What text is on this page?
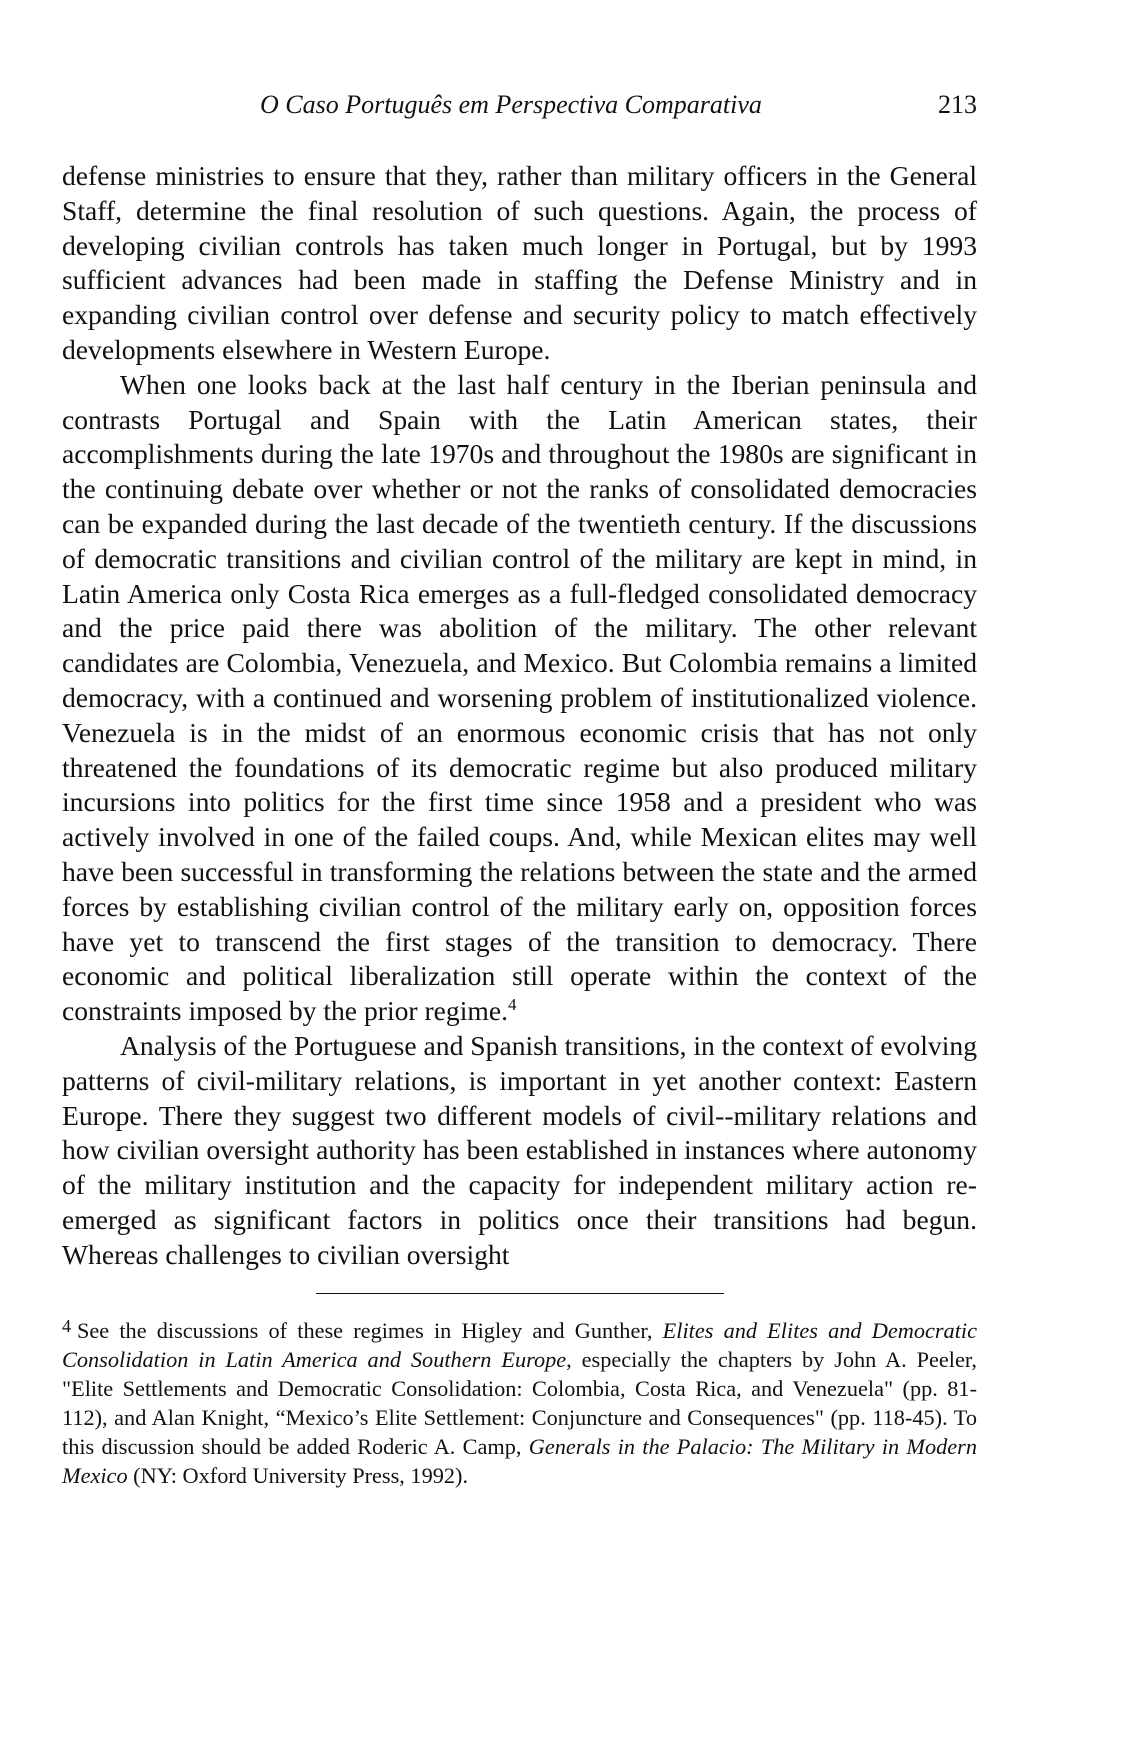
O Caso Português em Perspectiva Comparativa	213

defense ministries to ensure that they, rather than military officers in the General Staff, determine the final resolution of such questions. Again, the process of developing civilian controls has taken much longer in Portugal, but by 1993 sufficient advances had been made in staffing the Defense Ministry and in expanding civilian control over defense and security policy to match effectively developments elsewhere in Western Europe.

When one looks back at the last half century in the Iberian peninsula and contrasts Portugal and Spain with the Latin American states, their accomplishments during the late 1970s and throughout the 1980s are significant in the continuing debate over whether or not the ranks of consolidated democracies can be expanded during the last decade of the twentieth century. If the discussions of democratic transitions and civilian control of the military are kept in mind, in Latin America only Costa Rica emerges as a full-fledged consolidated democracy and the price paid there was abolition of the military. The other relevant candidates are Colombia, Venezuela, and Mexico. But Colombia remains a limited democracy, with a continued and worsening problem of institutionalized violence. Venezuela is in the midst of an enormous economic crisis that has not only threatened the foundations of its democratic regime but also produced military incursions into politics for the first time since 1958 and a president who was actively involved in one of the failed coups. And, while Mexican elites may well have been successful in transforming the relations between the state and the armed forces by establishing civilian control of the military early on, opposition forces have yet to transcend the first stages of the transition to democracy. There economic and political liberalization still operate within the context of the constraints imposed by the prior regime.$^4$

Analysis of the Portuguese and Spanish transitions, in the context of evolving patterns of civil-military relations, is important in yet another context: Eastern Europe. There they suggest two different models of civil--military relations and how civilian oversight authority has been established in instances where autonomy of the military institution and the capacity for independent military action re-emerged as significant factors in politics once their transitions had begun. Whereas challenges to civilian oversight

$^4$ See the discussions of these regimes in Higley and Gunther, Elites and Elites and Democratic Consolidation in Latin America and Southern Europe, especially the chapters by John A. Peeler, "Elite Settlements and Democratic Consolidation: Colombia, Costa Rica, and Venezuela" (pp. 81-112), and Alan Knight, “Mexico’s Elite Settlement: Conjuncture and Consequences" (pp. 118-45). To this discussion should be added Roderic A. Camp, Generals in the Palacio: The Military in Modern Mexico (NY: Oxford University Press, 1992).
